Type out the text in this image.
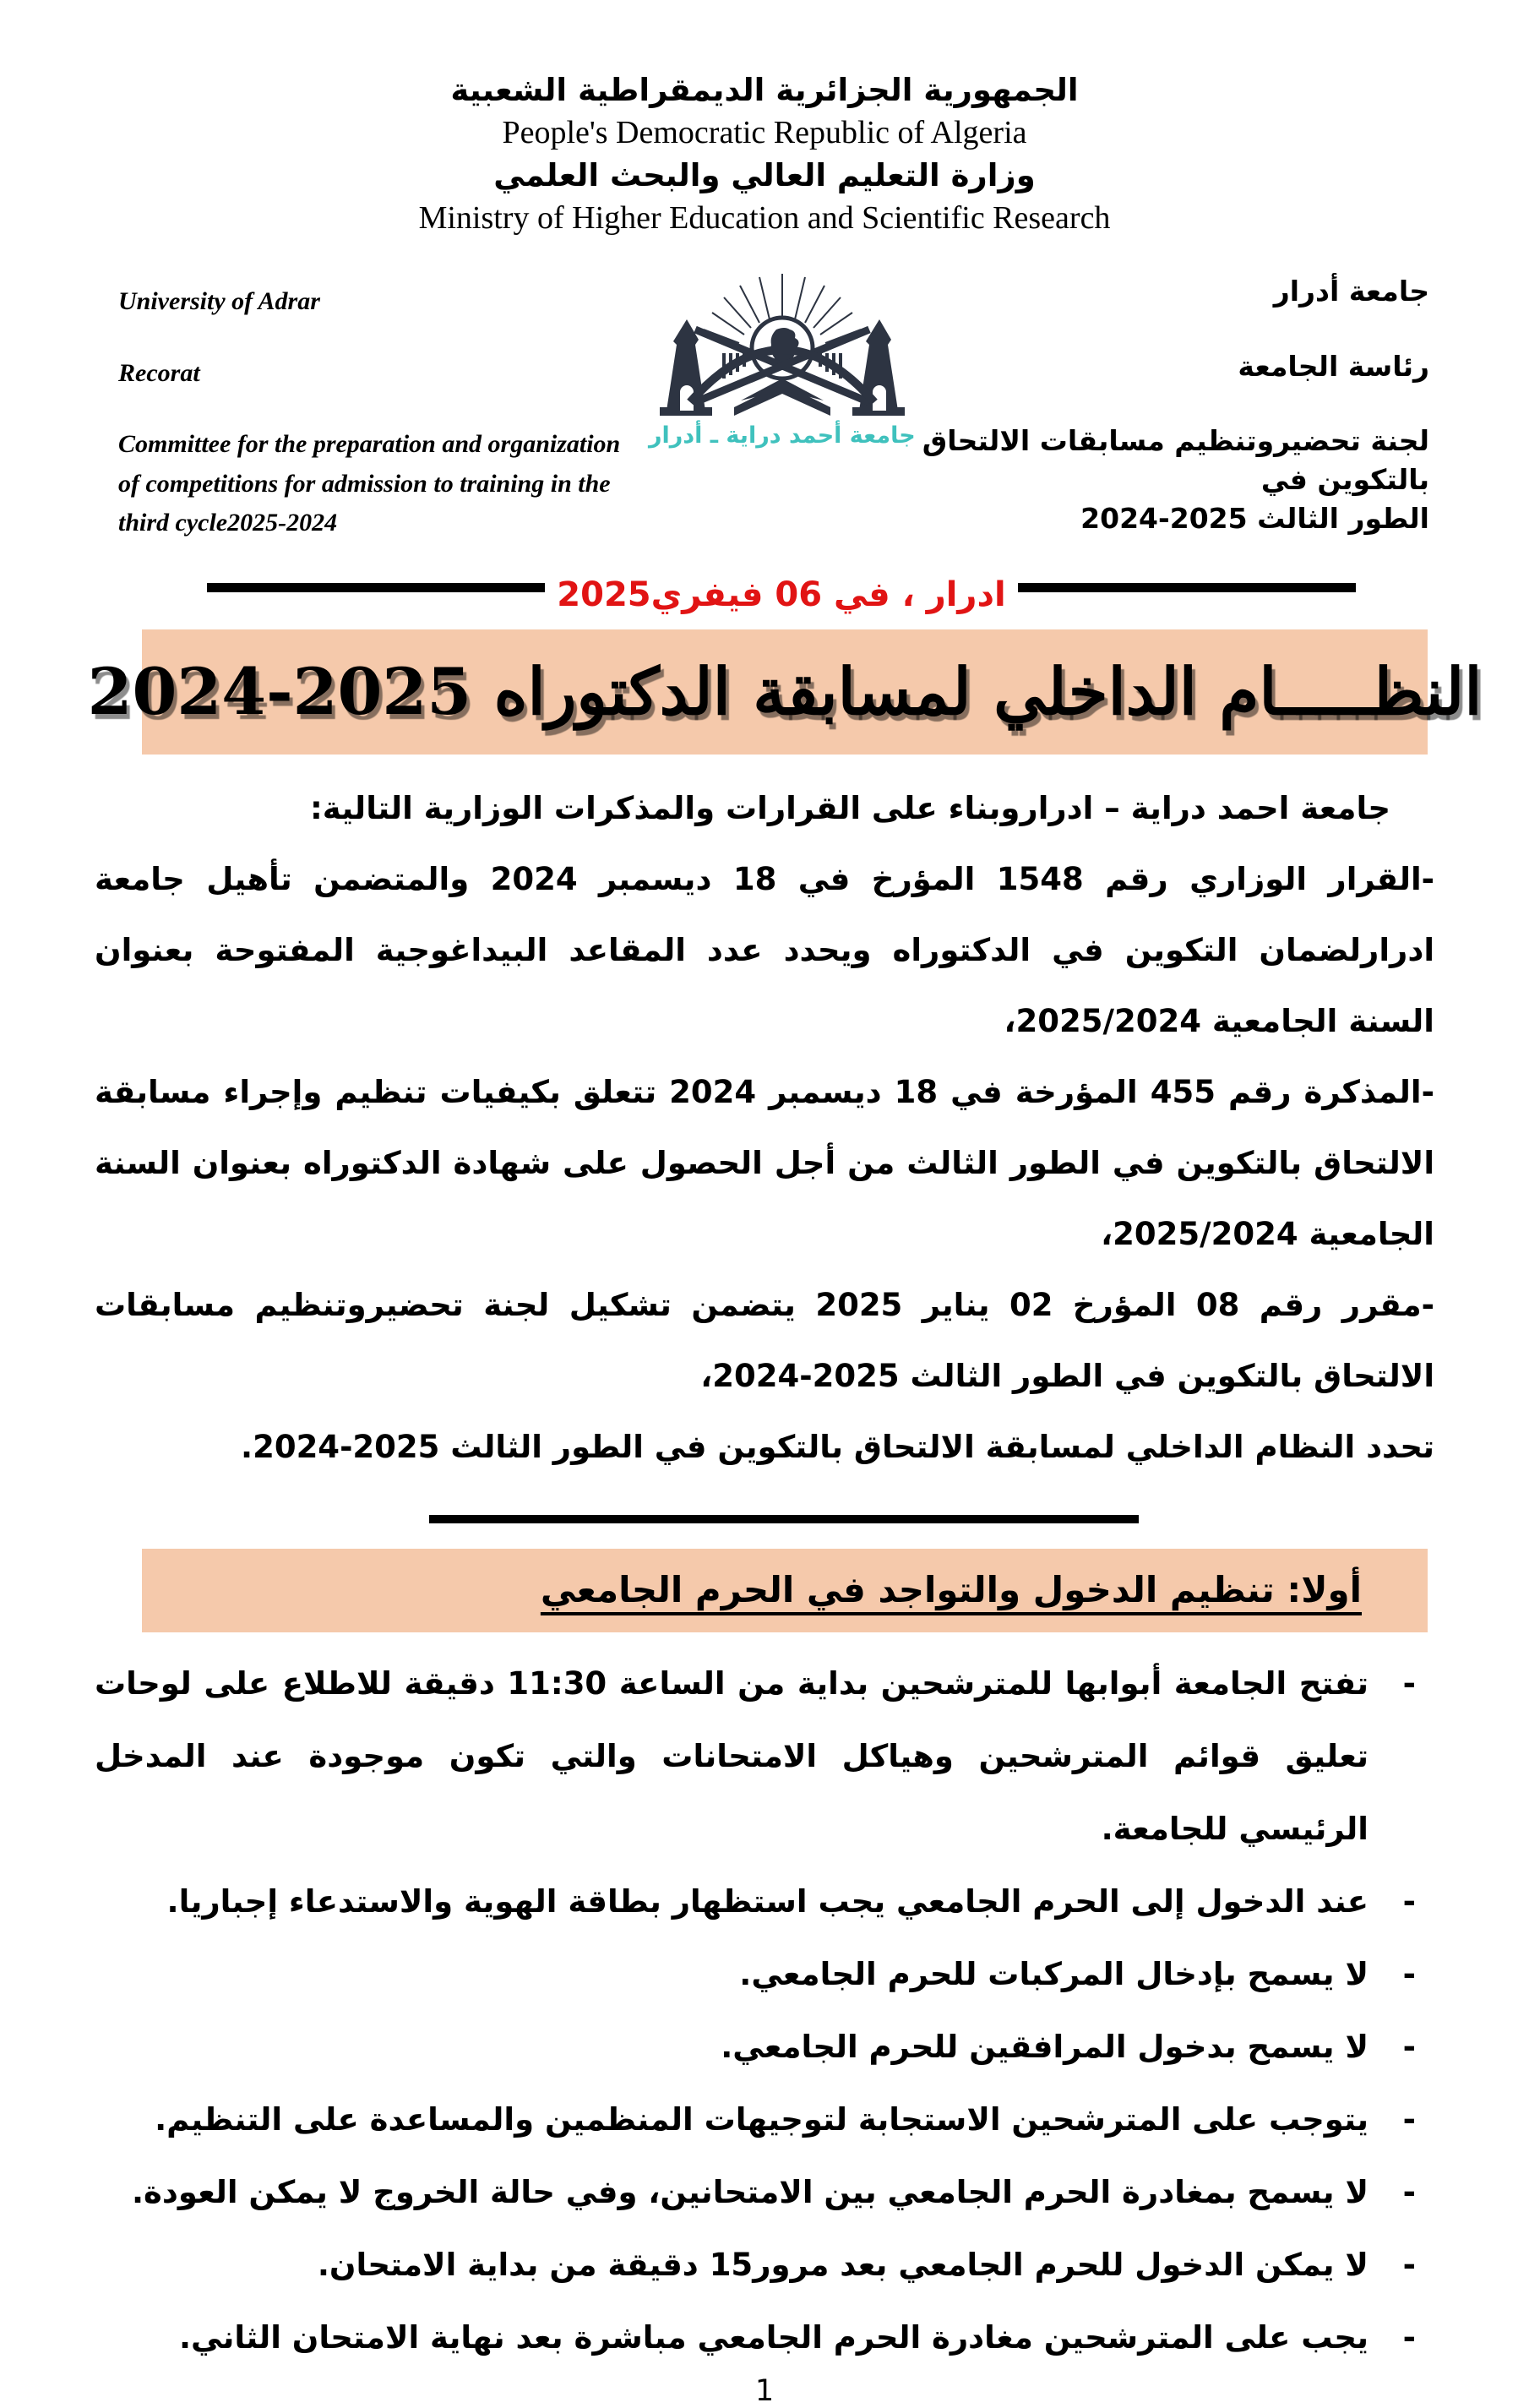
الجمهورية الجزائرية الديمقراطية الشعبية
People's Democratic Republic of Algeria
وزارة التعليم العالي والبحث العلمي
Ministry of Higher Education and Scientific Research

University of Adrar

Recorat

Committee for the preparation and organization of competitions for admission to training in the third cycle2025-2024

جامعة أحمد دراية ـ أدرار
جامعة أدرار
رئاسة الجامعة
لجنة تحضيروتنظيم مسابقات الالتحاق بالتكوين في
الطور الثالث 2025-2024
ادرار ، في 06 فيفري2025
النظـــــام الداخلي لمسابقة الدكتوراه 2025-2024

جامعة احمد دراية – ادراروبناء على القرارات والمذكرات الوزارية التالية:

-القرار الوزاري رقم 1548 المؤرخ في 18 ديسمبر 2024 والمتضمن تأهيل جامعة ادرارلضمان التكوين في الدكتوراه ويحدد عدد المقاعد البيداغوجية المفتوحة بعنوان السنة الجامعية 2025/2024،

-المذكرة رقم 455 المؤرخة في 18 ديسمبر 2024 تتعلق بكيفيات تنظيم وإجراء مسابقة الالتحاق بالتكوين في الطور الثالث من أجل الحصول على شهادة الدكتوراه بعنوان السنة الجامعية 2025/2024،

-مقرر رقم 08 المؤرخ 02 يناير 2025 يتضمن تشكيل لجنة تحضيروتنظيم مسابقات الالتحاق بالتكوين في الطور الثالث 2025-2024،

تحدد النظام الداخلي لمسابقة الالتحاق بالتكوين في الطور الثالث 2025-2024.

أولا: تنظيم الدخول والتواجد في الحرم الجامعي
- تفتح الجامعة أبوابها للمترشحين بداية من الساعة 11:30 دقيقة للاطلاع على لوحات تعليق قوائم المترشحين وهياكل الامتحانات والتي تكون موجودة عند المدخل الرئيسي للجامعة.
- عند الدخول إلى الحرم الجامعي يجب استظهار بطاقة الهوية والاستدعاء إجباريا.
- لا يسمح بإدخال المركبات للحرم الجامعي.
- لا يسمح بدخول المرافقين للحرم الجامعي.
- يتوجب على المترشحين الاستجابة لتوجيهات المنظمين والمساعدة على التنظيم.
- لا يسمح بمغادرة الحرم الجامعي بين الامتحانين، وفي حالة الخروج لا يمكن العودة.
- لا يمكن الدخول للحرم الجامعي بعد مرور15 دقيقة من بداية الامتحان.
- يجب على المترشحين مغادرة الحرم الجامعي مباشرة بعد نهاية الامتحان الثاني.
1
